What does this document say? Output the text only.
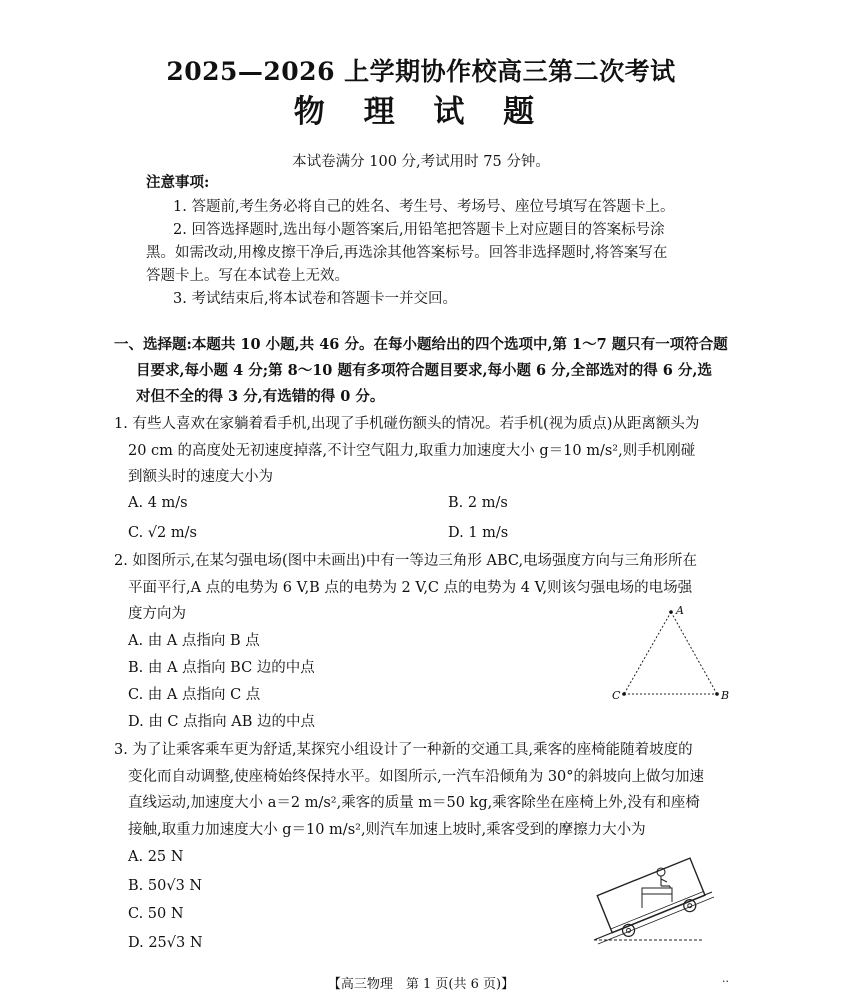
2025—2026 上学期协作校高三第二次考试
物 理 试 题
本试卷满分 100 分,考试用时 75 分钟。
注意事项:
1. 答题前,考生务必将自己的姓名、考生号、考场号、座位号填写在答题卡上。
2. 回答选择题时,选出每小题答案后,用铅笔把答题卡上对应题目的答案标号涂
黑。如需改动,用橡皮擦干净后,再选涂其他答案标号。回答非选择题时,将答案写在
答题卡上。写在本试卷上无效。
3. 考试结束后,将本试卷和答题卡一并交回。
一、选择题:本题共 10 小题,共 46 分。在每小题给出的四个选项中,第 1～7 题只有一项符合题
目要求,每小题 4 分;第 8～10 题有多项符合题目要求,每小题 6 分,全部选对的得 6 分,选
对但不全的得 3 分,有选错的得 0 分。
1. 有些人喜欢在家躺着看手机,出现了手机碰伤额头的情况。若手机(视为质点)从距离额头为
20 cm 的高度处无初速度掉落,不计空气阻力,取重力加速度大小 g＝10 m/s²,则手机刚碰
到额头时的速度大小为
A. 4 m/s	B. 2 m/s
C. √2 m/s	D. 1 m/s
2. 如图所示,在某匀强电场(图中未画出)中有一等边三角形 ABC,电场强度方向与三角形所在
平面平行,A 点的电势为 6 V,B 点的电势为 2 V,C 点的电势为 4 V,则该匀强电场的电场强
度方向为
A. 由 A 点指向 B 点
B. 由 A 点指向 BC 边的中点
C. 由 A 点指向 C 点
D. 由 C 点指向 AB 边的中点
A
B
C
3. 为了让乘客乘车更为舒适,某探究小组设计了一种新的交通工具,乘客的座椅能随着坡度的
变化而自动调整,使座椅始终保持水平。如图所示,一汽车沿倾角为 30°的斜坡向上做匀加速
直线运动,加速度大小 a＝2 m/s²,乘客的质量 m＝50 kg,乘客除坐在座椅上外,没有和座椅
接触,取重力加速度大小 g＝10 m/s²,则汽车加速上坡时,乘客受到的摩擦力大小为
A. 25 N
B. 50√3 N
C. 50 N
D. 25√3 N
【高三物理　第 1 页(共 6 页)】	··
